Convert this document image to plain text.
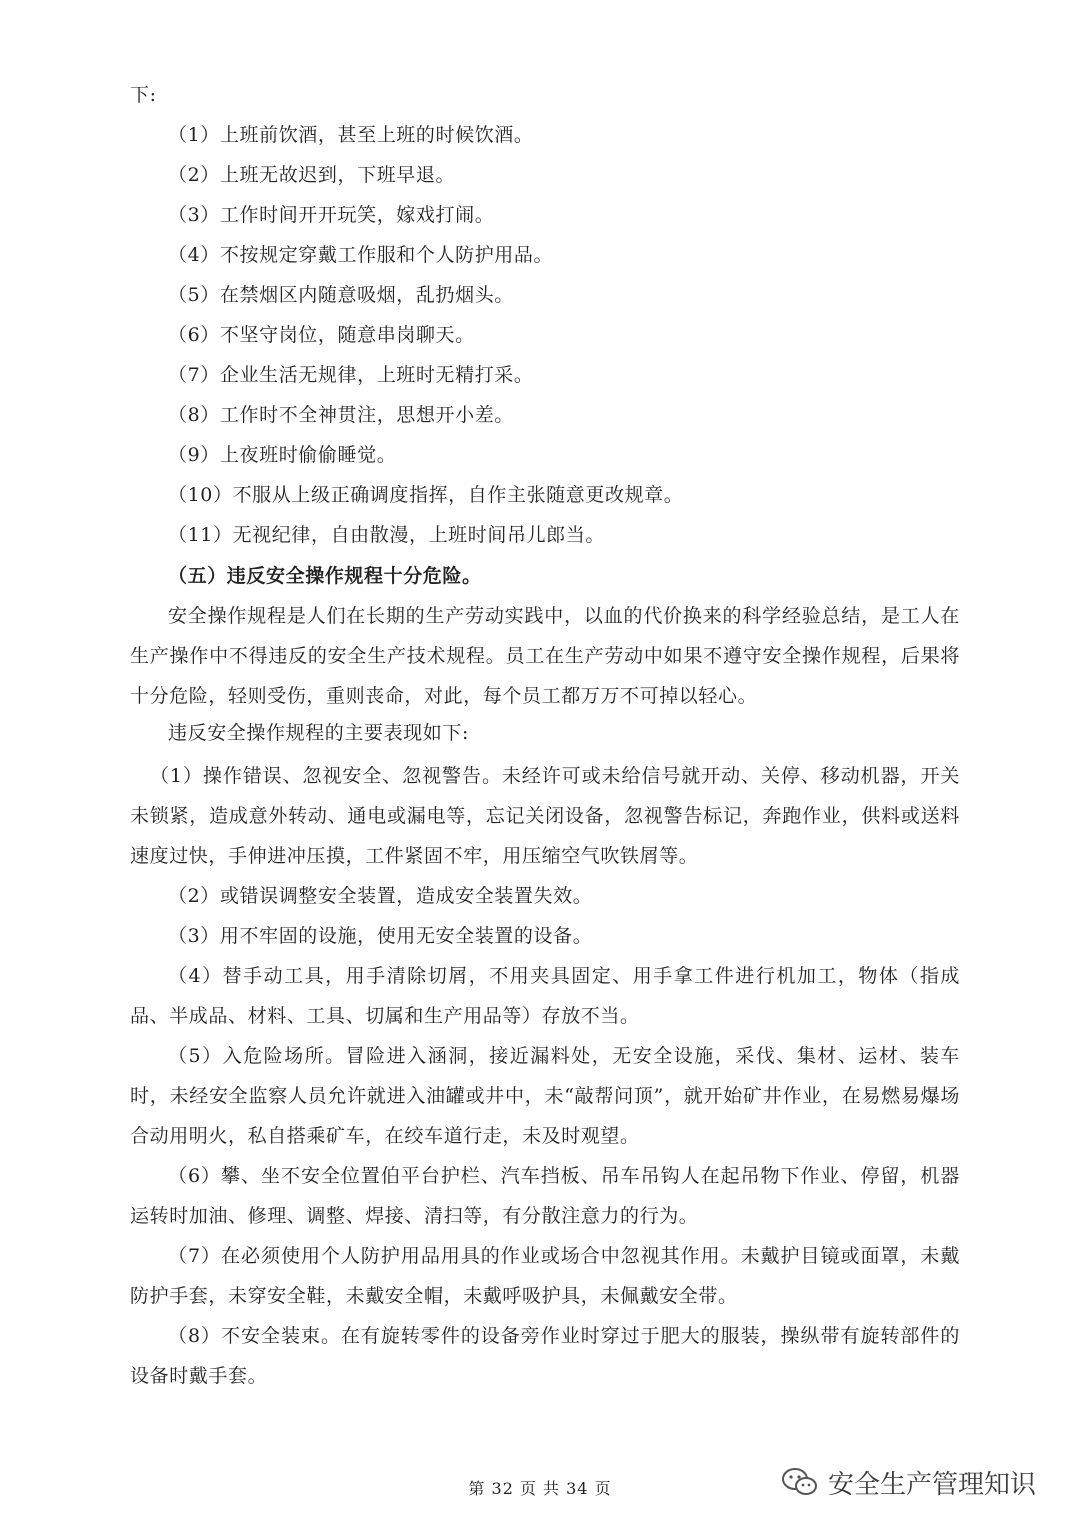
下:
（1）上班前饮酒，甚至上班的时候饮酒。
（2）上班无故迟到，下班早退。
（3）工作时间开开玩笑，嫁戏打闹。
（4）不按规定穿戴工作服和个人防护用品。
（5）在禁烟区内随意吸烟，乱扔烟头。
（6）不坚守岗位，随意串岗聊天。
（7）企业生活无规律，上班时无精打采。
（8）工作时不全神贯注，思想开小差。
（9）上夜班时偷偷睡觉。
（10）不服从上级正确调度指挥，自作主张随意更改规章。
（11）无视纪律，自由散漫，上班时间吊儿郎当。
（五）违反安全操作规程十分危险。
安全操作规程是人们在长期的生产劳动实践中，以血的代价换来的科学经验总结，是工人在生产操作中不得违反的安全生产技术规程。员工在生产劳动中如果不遵守安全操作规程，后果将十分危险，轻则受伤，重则丧命，对此，每个员工都万万不可掉以轻心。
违反安全操作规程的主要表现如下:
（1）操作错误、忽视安全、忽视警告。未经许可或未给信号就开动、关停、移动机器，开关未锁紧，造成意外转动、通电或漏电等，忘记关闭设备，忽视警告标记，奔跑作业，供料或送料速度过快，手伸进冲压摸，工件紧固不牢，用压缩空气吹铁屑等。
（2）或错误调整安全装置，造成安全装置失效。
（3）用不牢固的设施，使用无安全装置的设备。
（4）替手动工具，用手清除切屑，不用夹具固定、用手拿工件进行机加工，物体（指成品、半成品、材料、工具、切属和生产用品等）存放不当。
（5）入危险场所。冒险进入涵洞，接近漏料处，无安全设施，采伐、集材、运材、装车时，未经安全监察人员允许就进入油罐或井中，未“敲帮问顶”，就开始矿井作业，在易燃易爆场合动用明火，私自搭乘矿车，在绞车道行走，未及时观望。
（6）攀、坐不安全位置伯平台护栏、汽车挡板、吊车吊钩人在起吊物下作业、停留，机器运转时加油、修理、调整、焊接、清扫等，有分散注意力的行为。
（7）在必须使用个人防护用品用具的作业或场合中忽视其作用。未戴护目镜或面罩，未戴防护手套，未穿安全鞋，未戴安全帽，未戴呼吸护具，未佩戴安全带。
（8）不安全装束。在有旋转零件的设备旁作业时穿过于肥大的服装，操纵带有旋转部件的设备时戴手套。
第 32 页 共 34 页	安全生产管理知识
